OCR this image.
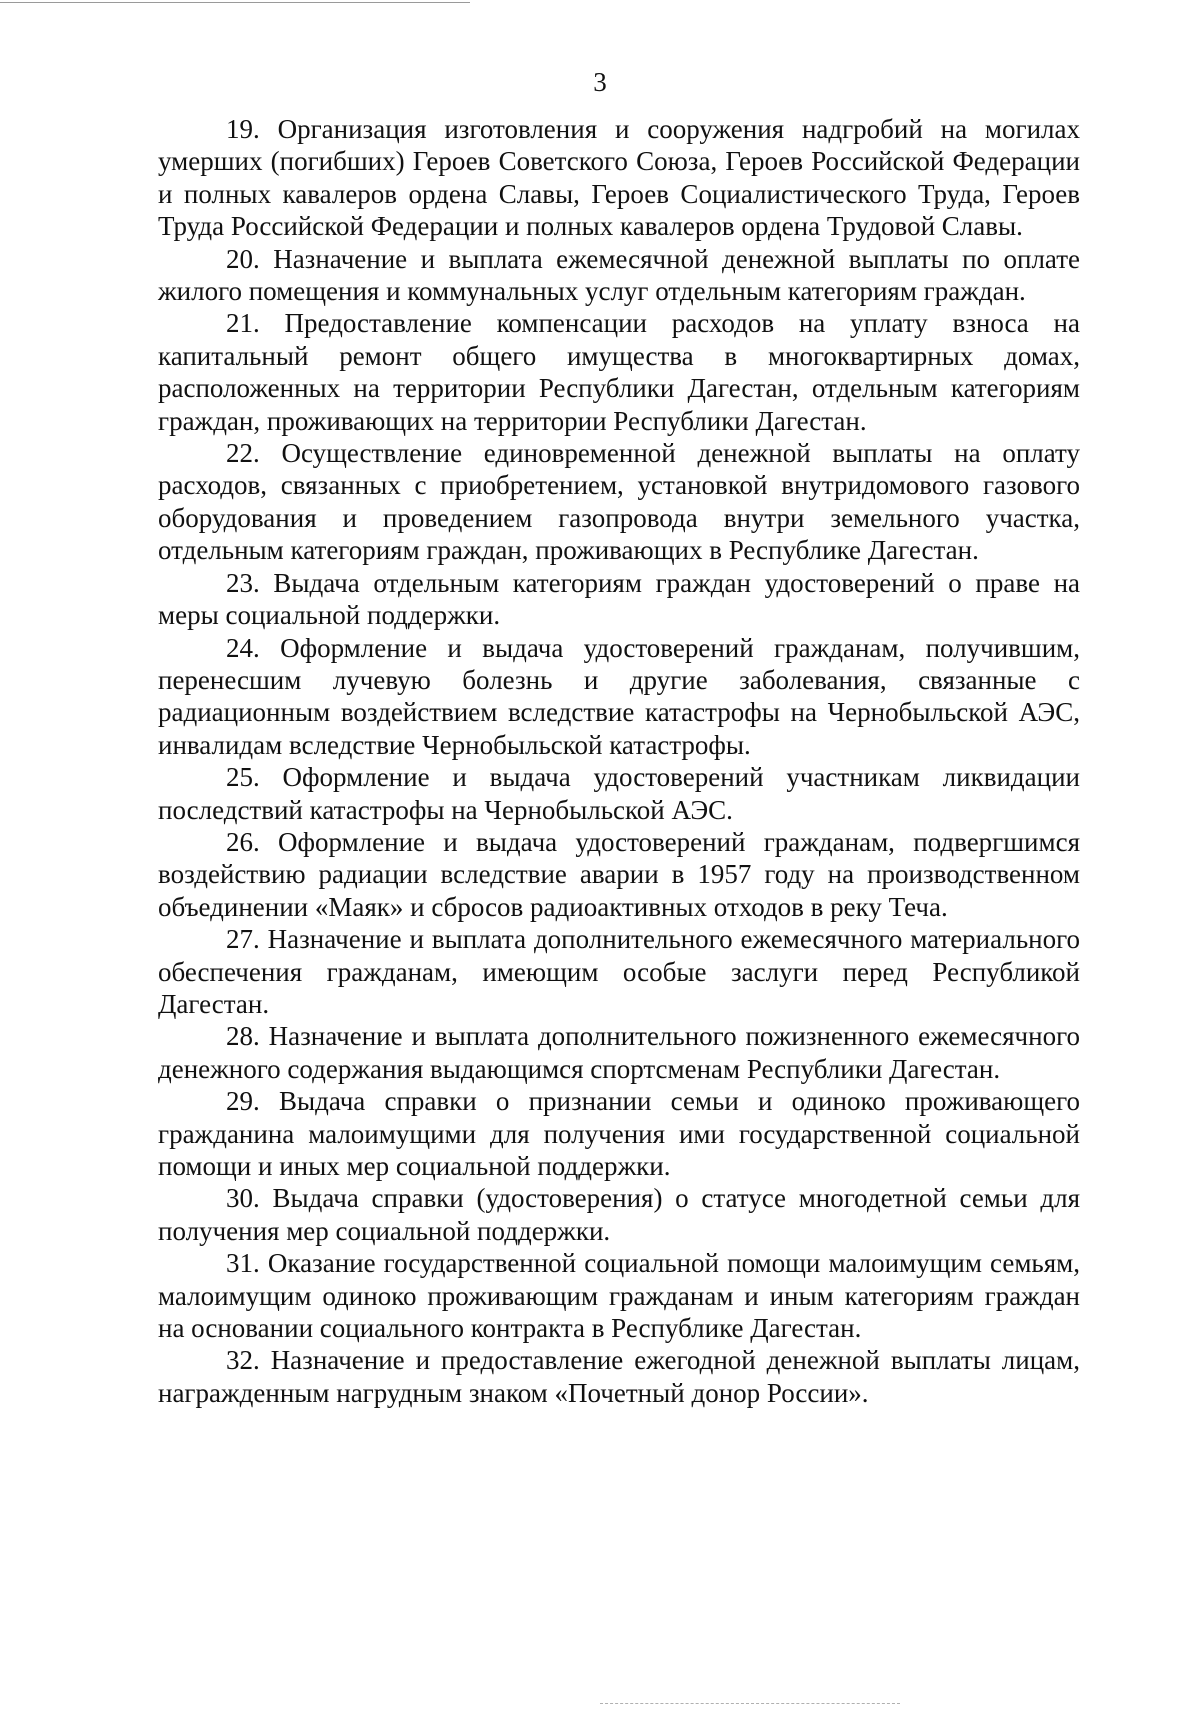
3

19. Организация изготовления и сооружения надгробий на могилах умерших (погибших) Героев Советского Союза, Героев Российской Федерации и полных кавалеров ордена Славы, Героев Социалистического Труда, Героев Труда Российской Федерации и полных кавалеров ордена Трудовой Славы.

20. Назначение и выплата ежемесячной денежной выплаты по оплате жилого помещения и коммунальных услуг отдельным категориям граждан.

21. Предоставление компенсации расходов на уплату взноса на капитальный ремонт общего имущества в многоквартирных домах, расположенных на территории Республики Дагестан, отдельным категориям граждан, проживающих на территории Республики Дагестан.

22. Осуществление единовременной денежной выплаты на оплату расходов, связанных с приобретением, установкой внутридомового газового оборудования и проведением газопровода внутри земельного участка, отдельным категориям граждан, проживающих в Республике Дагестан.

23. Выдача отдельным категориям граждан удостоверений о праве на меры социальной поддержки.

24. Оформление и выдача удостоверений гражданам, получившим, перенесшим лучевую болезнь и другие заболевания, связанные с радиационным воздействием вследствие катастрофы на Чернобыльской АЭС, инвалидам вследствие Чернобыльской катастрофы.

25. Оформление и выдача удостоверений участникам ликвидации последствий катастрофы на Чернобыльской АЭС.

26. Оформление и выдача удостоверений гражданам, подвергшимся воздействию радиации вследствие аварии в 1957 году на производственном объединении «Маяк» и сбросов радиоактивных отходов в реку Теча.

27. Назначение и выплата дополнительного ежемесячного материального обеспечения гражданам, имеющим особые заслуги перед Республикой Дагестан.

28. Назначение и выплата дополнительного пожизненного ежемесячного денежного содержания выдающимся спортсменам Республики Дагестан.

29. Выдача справки о признании семьи и одиноко проживающего гражданина малоимущими для получения ими государственной социальной помощи и иных мер социальной поддержки.

30. Выдача справки (удостоверения) о статусе многодетной семьи для получения мер социальной поддержки.

31. Оказание государственной социальной помощи малоимущим семьям, малоимущим одиноко проживающим гражданам и иным категориям граждан на основании социального контракта в Республике Дагестан.

32. Назначение и предоставление ежегодной денежной выплаты лицам, награжденным нагрудным знаком «Почетный донор России».
